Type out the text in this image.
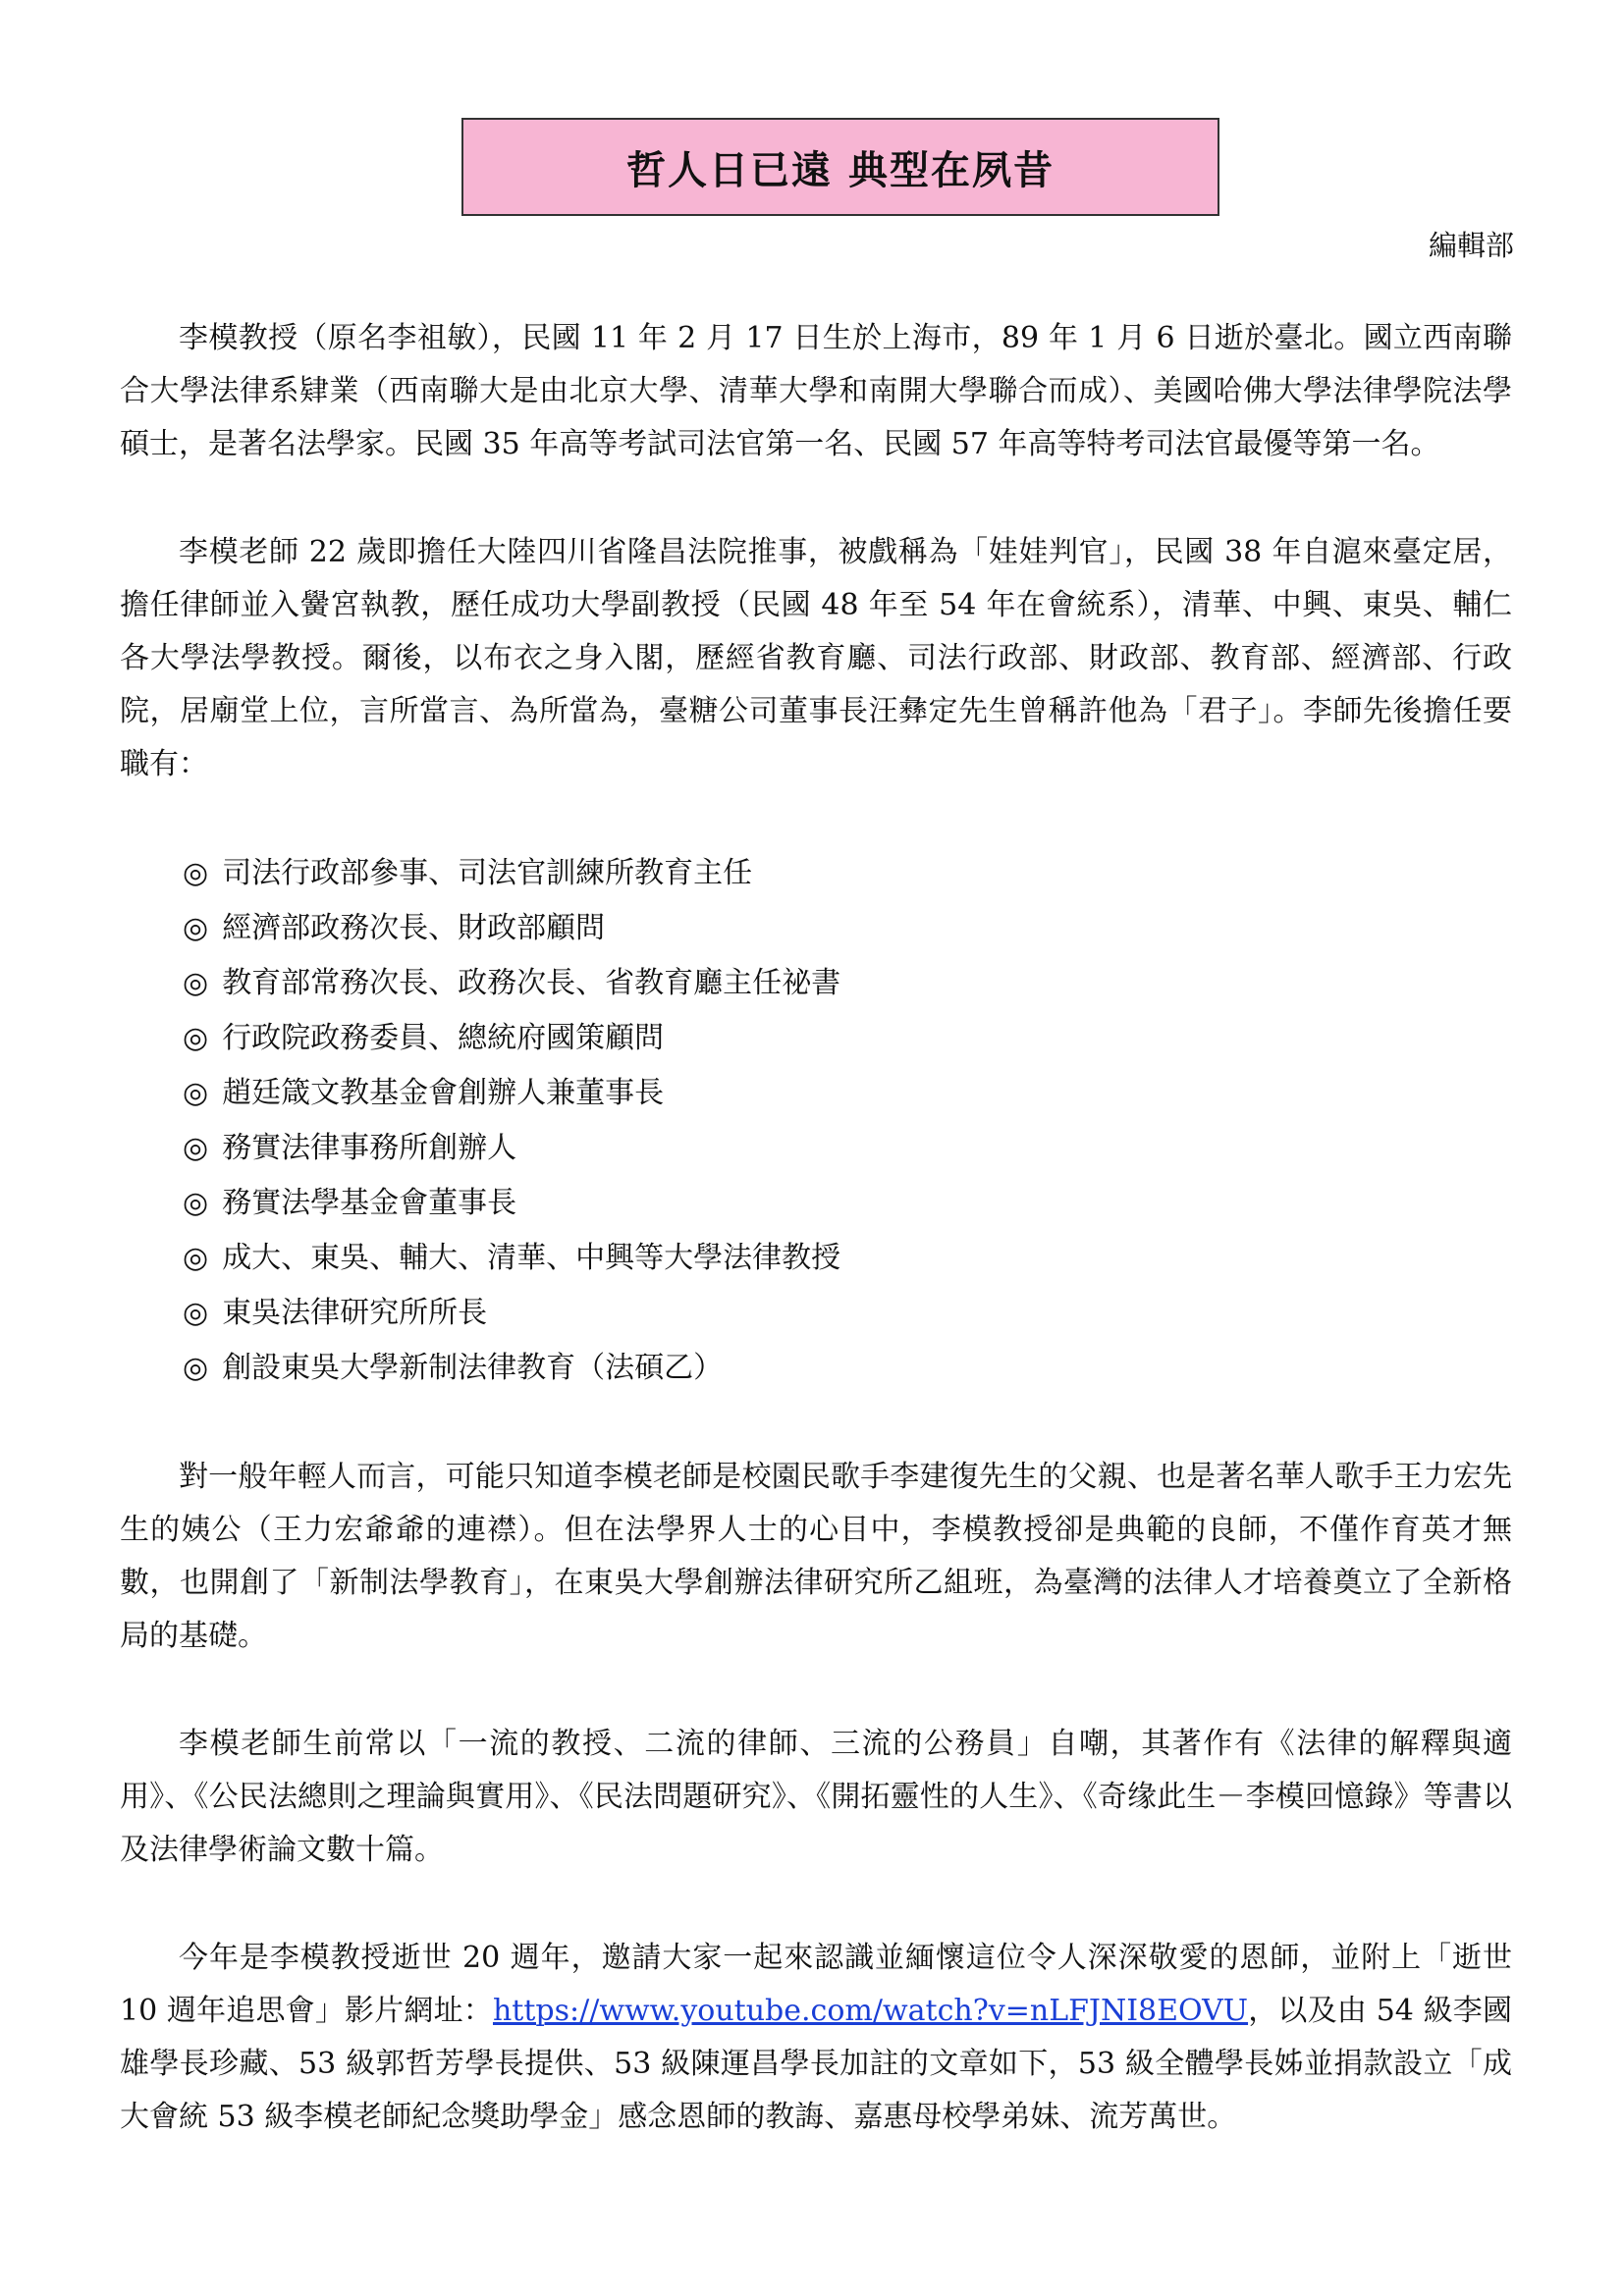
哲人日已遠 典型在夙昔
編輯部

李模教授（原名李祖敏），民國 11 年 2 月 17 日生於上海市，89 年 1 月 6 日逝於臺北。國立西南聯合大學法律系肄業（西南聯大是由北京大學、清華大學和南開大學聯合而成）、美國哈佛大學法律學院法學碩士，是著名法學家。民國 35 年高等考試司法官第一名、民國 57 年高等特考司法官最優等第一名。

李模老師 22 歲即擔任大陸四川省隆昌法院推事，被戲稱為「娃娃判官」，民國 38 年自滬來臺定居，擔任律師並入黌宮執教，歷任成功大學副教授（民國 48 年至 54 年在會統系），清華、中興、東吳、輔仁各大學法學教授。爾後，以布衣之身入閣，歷經省教育廳、司法行政部、財政部、教育部、經濟部、行政院，居廟堂上位，言所當言、為所當為，臺糖公司董事長汪彝定先生曾稱許他為「君子」。李師先後擔任要職有：

◎ 司法行政部參事、司法官訓練所教育主任
◎ 經濟部政務次長、財政部顧問
◎ 教育部常務次長、政務次長、省教育廳主任祕書
◎ 行政院政務委員、總統府國策顧問
◎ 趙廷箴文教基金會創辦人兼董事長
◎ 務實法律事務所創辦人
◎ 務實法學基金會董事長
◎ 成大、東吳、輔大、清華、中興等大學法律教授
◎ 東吳法律研究所所長
◎ 創設東吳大學新制法律教育（法碩乙）

對一般年輕人而言，可能只知道李模老師是校園民歌手李建復先生的父親、也是著名華人歌手王力宏先生的姨公（王力宏爺爺的連襟）。但在法學界人士的心目中，李模教授卻是典範的良師，不僅作育英才無數，也開創了「新制法學教育」，在東吳大學創辦法律研究所乙組班，為臺灣的法律人才培養奠立了全新格局的基礎。

李模老師生前常以「一流的教授、二流的律師、三流的公務員」自嘲，其著作有《法律的解釋與適用》、《公民法總則之理論與實用》、《民法問題研究》、《開拓靈性的人生》、《奇缘此生－李模回憶錄》等書以及法律學術論文數十篇。

今年是李模教授逝世 20 週年，邀請大家一起來認識並緬懷這位令人深深敬愛的恩師，並附上「逝世 10 週年追思會」影片網址：https://www.youtube.com/watch?v=nLFJNI8EOVU，以及由 54 級李國雄學長珍藏、53 級郭哲芳學長提供、53 級陳運昌學長加註的文章如下，53 級全體學長姊並捐款設立「成大會統 53 級李模老師紀念獎助學金」感念恩師的教誨、嘉惠母校學弟妹、流芳萬世。
